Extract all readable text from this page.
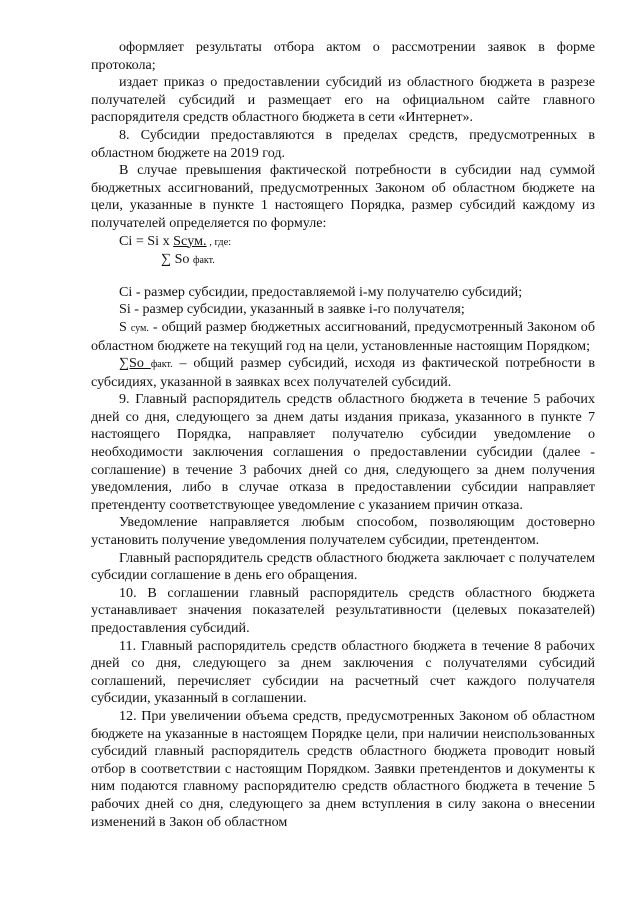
оформляет результаты отбора актом о рассмотрении заявок в форме протокола;

издает приказ о предоставлении субсидий из областного бюджета в разрезе получателей субсидий и размещает его на официальном сайте главного распорядителя средств областного бюджета в сети «Интернет».

8. Субсидии предоставляются в пределах средств, предусмотренных в областном бюджете на 2019 год.

В случае превышения фактической потребности в субсидии над суммой бюджетных ассигнований, предусмотренных Законом об областном бюджете на цели, указанные в пункте 1 настоящего Порядка, размер субсидий каждому из получателей определяется по формуле:

Ci = Si x Scум. , где:

∑ So факт.

Ci - размер субсидии, предоставляемой i-му получателю субсидий;

Si - размер субсидии, указанный в заявке i-го получателя;

S сум. - общий размер бюджетных ассигнований, предусмотренный Законом об областном бюджете на текущий год на цели, установленные настоящим Порядком;

∑So факт. – общий размер субсидий, исходя из фактической потребности в субсидиях, указанной в заявках всех получателей субсидий.

9. Главный распорядитель средств областного бюджета в течение 5 рабочих дней со дня, следующего за днем даты издания приказа, указанного в пункте 7 настоящего Порядка, направляет получателю субсидии уведомление о необходимости заключения соглашения о предоставлении субсидии (далее - соглашение) в течение 3 рабочих дней со дня, следующего за днем получения уведомления, либо в случае отказа в предоставлении субсидии направляет претенденту соответствующее уведомление с указанием причин отказа.

Уведомление направляется любым способом, позволяющим достоверно установить получение уведомления получателем субсидии, претендентом.

Главный распорядитель средств областного бюджета заключает с получателем субсидии соглашение в день его обращения.

10. В соглашении главный распорядитель средств областного бюджета устанавливает значения показателей результативности (целевых показателей) предоставления субсидий.

11. Главный распорядитель средств областного бюджета в течение 8 рабочих дней со дня, следующего за днем заключения с получателями субсидий соглашений, перечисляет субсидии на расчетный счет каждого получателя субсидии, указанный в соглашении.

12. При увеличении объема средств, предусмотренных Законом об областном бюджете на указанные в настоящем Порядке цели, при наличии неиспользованных субсидий главный распорядитель средств областного бюджета проводит новый отбор в соответствии с настоящим Порядком. Заявки претендентов и документы к ним подаются главному распорядителю средств областного бюджета в течение 5 рабочих дней со дня, следующего за днем вступления в силу закона о внесении изменений в Закон об областном
